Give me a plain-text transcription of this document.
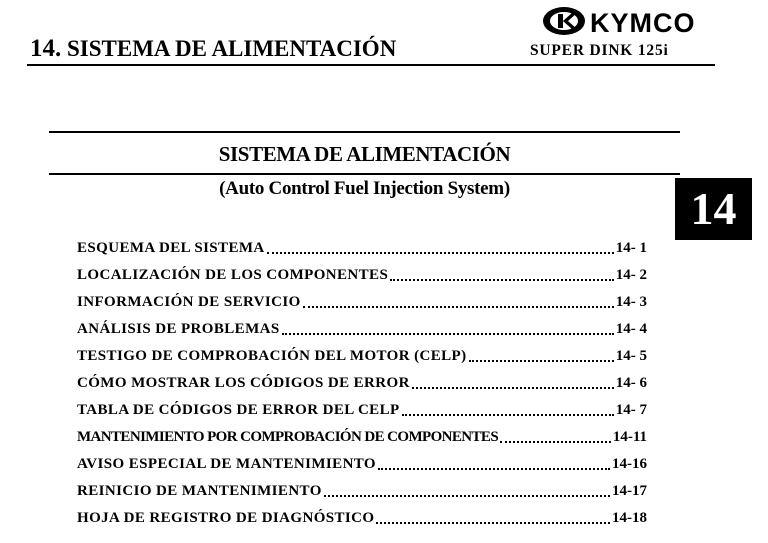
14. SISTEMA DE ALIMENTACIÓN
KYMCO
SUPER DINK 125i
SISTEMA DE ALIMENTACIÓN
(Auto Control Fuel Injection System)	14
ESQUEMA DEL SISTEMA	14- 1
LOCALIZACIÓN DE LOS COMPONENTES	14- 2
INFORMACIÓN DE SERVICIO	14- 3
ANÁLISIS DE PROBLEMAS	14- 4
TESTIGO DE COMPROBACIÓN DEL MOTOR (CELP)	14- 5
CÓMO MOSTRAR LOS CÓDIGOS DE ERROR	14- 6
TABLA DE CÓDIGOS DE ERROR DEL CELP	14- 7
MANTENIMIENTO POR COMPROBACIÓN DE COMPONENTES	14-11
AVISO ESPECIAL DE MANTENIMIENTO	14-16
REINICIO DE MANTENIMIENTO	14-17
HOJA DE REGISTRO DE DIAGNÓSTICO	14-18
